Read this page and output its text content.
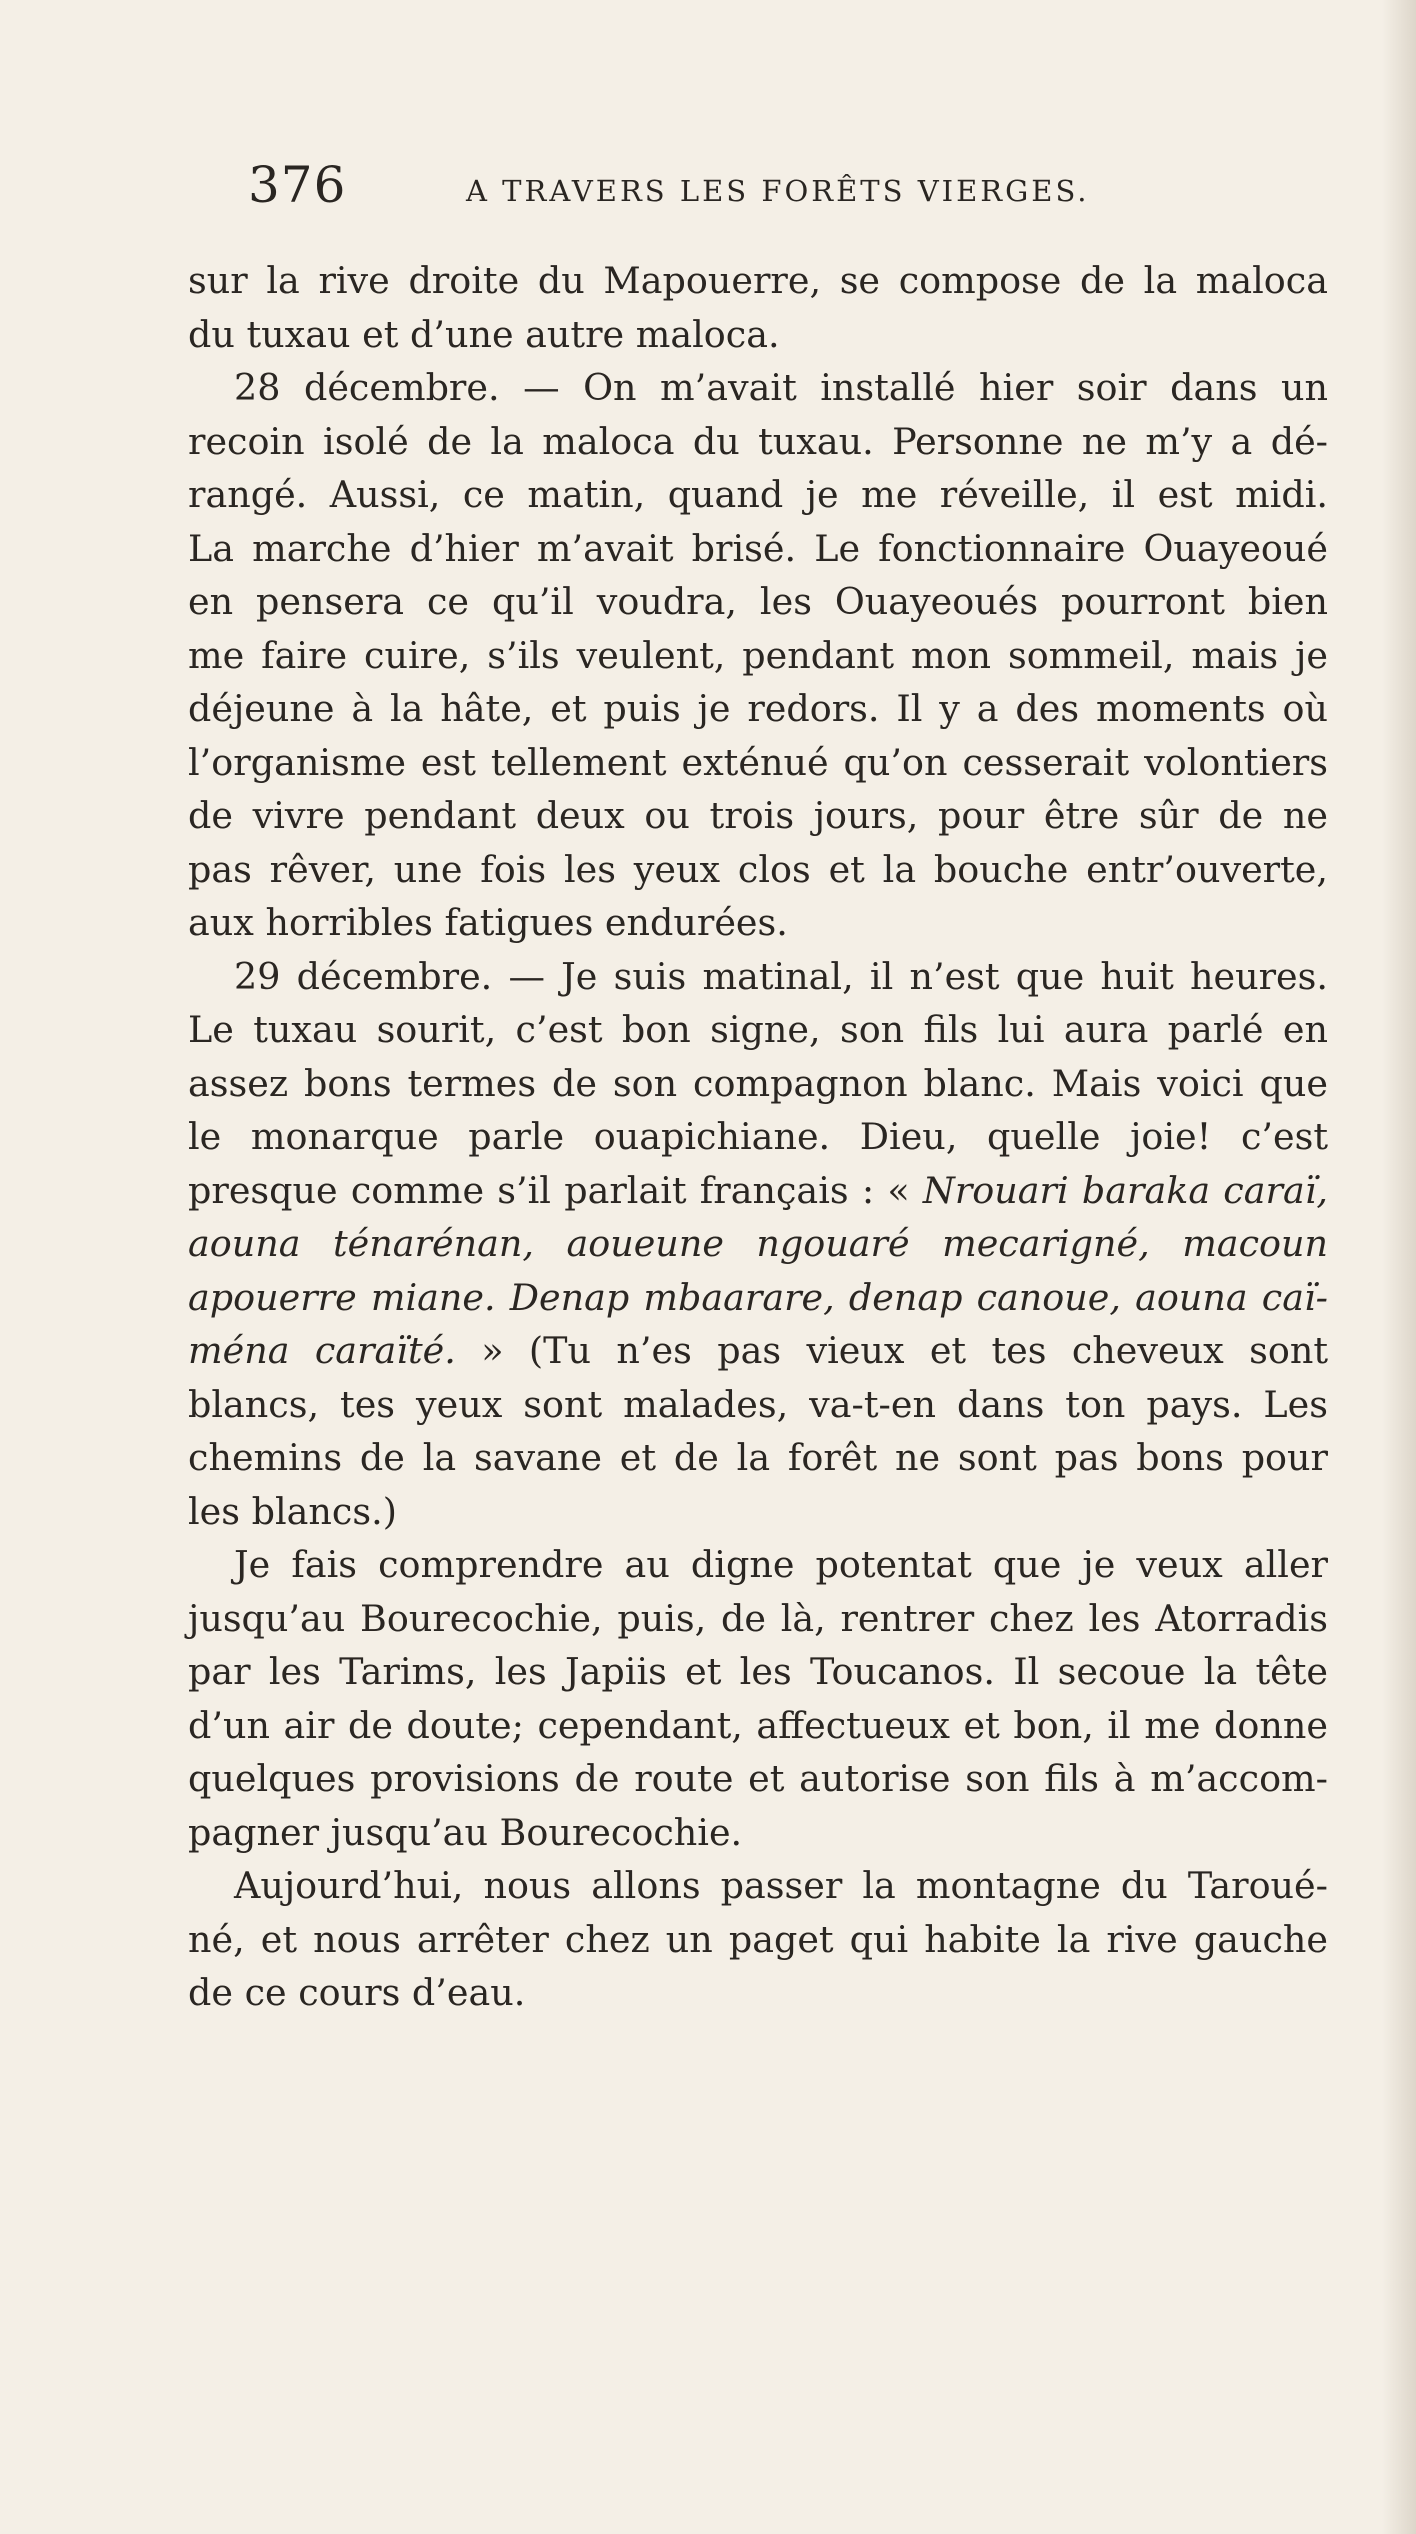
376	A TRAVERS LES FORÊTS VIERGES.
sur la rive droite du Mapouerre, se compose de la maloca
du tuxau et d’une autre maloca.
28 décembre. — On m’avait installé hier soir dans un
recoin isolé de la maloca du tuxau. Personne ne m’y a dé-
rangé. Aussi, ce matin, quand je me réveille, il est midi.
La marche d’hier m’avait brisé. Le fonctionnaire Ouayeoué
en pensera ce qu’il voudra, les Ouayeoués pourront bien
me faire cuire, s’ils veulent, pendant mon sommeil, mais je
déjeune à la hâte, et puis je redors. Il y a des moments où
l’organisme est tellement exténué qu’on cesserait volontiers
de vivre pendant deux ou trois jours, pour être sûr de ne
pas rêver, une fois les yeux clos et la bouche entr’ouverte,
aux horribles fatigues endurées.
29 décembre. — Je suis matinal, il n’est que huit heures.
Le tuxau sourit, c’est bon signe, son fils lui aura parlé en
assez bons termes de son compagnon blanc. Mais voici que
le monarque parle ouapichiane. Dieu, quelle joie! c’est
presque comme s’il parlait français : « Nrouari baraka caraï,
aouna ténarénan, aoueune ngouaré mecarigné, macoun
apouerre miane. Denap mbaarare, denap canoue, aouna caï-
ména caraïté. » (Tu n’es pas vieux et tes cheveux sont
blancs, tes yeux sont malades, va-t-en dans ton pays. Les
chemins de la savane et de la forêt ne sont pas bons pour
les blancs.)
Je fais comprendre au digne potentat que je veux aller
jusqu’au Bourecochie, puis, de là, rentrer chez les Atorradis
par les Tarims, les Japiis et les Toucanos. Il secoue la tête
d’un air de doute; cependant, affectueux et bon, il me donne
quelques provisions de route et autorise son fils à m’accom-
pagner jusqu’au Bourecochie.
Aujourd’hui, nous allons passer la montagne du Taroué-
né, et nous arrêter chez un paget qui habite la rive gauche
de ce cours d’eau.
